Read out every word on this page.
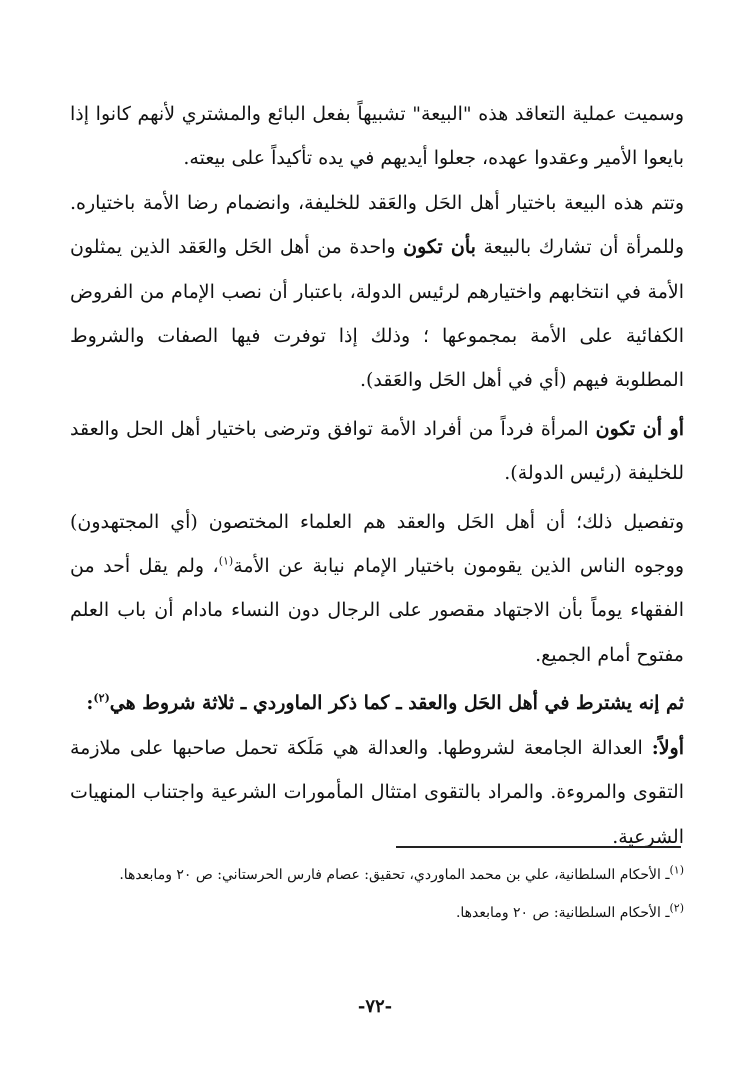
وسميت عملية التعاقد هذه "البيعة" تشبيهاً بفعل البائع والمشتري لأنهم كانوا إذا بايعوا الأمير وعقدوا عهده، جعلوا أيديهم في يده تأكيداً على بيعته.

وتتم هذه البيعة باختيار أهل الحَل والعَقد للخليفة، وانضمام رضا الأمة باختياره. وللمرأة أن تشارك بالبيعة بأن تكون واحدة من أهل الحَل والعَقد الذين يمثلون الأمة في انتخابهم واختيارهم لرئيس الدولة، باعتبار أن نصب الإمام من الفروض الكفائية على الأمة بمجموعها ؛ وذلك إذا توفرت فيها الصفات والشروط المطلوبة فيهم (أي في أهل الحَل والعَقد).

أو أن تكون المرأة فرداً من أفراد الأمة توافق وترضى باختيار أهل الحل والعقد للخليفة (رئيس الدولة).

وتفصيل ذلك؛ أن أهل الحَل والعقد هم العلماء المختصون (أي المجتهدون) ووجوه الناس الذين يقومون باختيار الإمام نيابة عن الأمة$^{(١)}$، ولم يقل أحد من الفقهاء يوماً بأن الاجتهاد مقصور على الرجال دون النساء مادام أن باب العلم مفتوح أمام الجميع.

ثم إنه يشترط في أهل الحَل والعقد ـ كما ذكر الماوردي ـ ثلاثة شروط هي$^{(٢)}$:

أولاً: العدالة الجامعة لشروطها. والعدالة هي مَلَكة تحمل صاحبها على ملازمة التقوى والمروءة. والمراد بالتقوى امتثال المأمورات الشرعية واجتناب المنهيات الشرعية.

$^{(١)}$ـ الأحكام السلطانية، علي بن محمد الماوردي، تحقيق: عصام فارس الحرستاني: ص ٢٠ ومابعدها.

$^{(٢)}$ـ الأحكام السلطانية: ص ٢٠ ومابعدها.

-٧٢-
